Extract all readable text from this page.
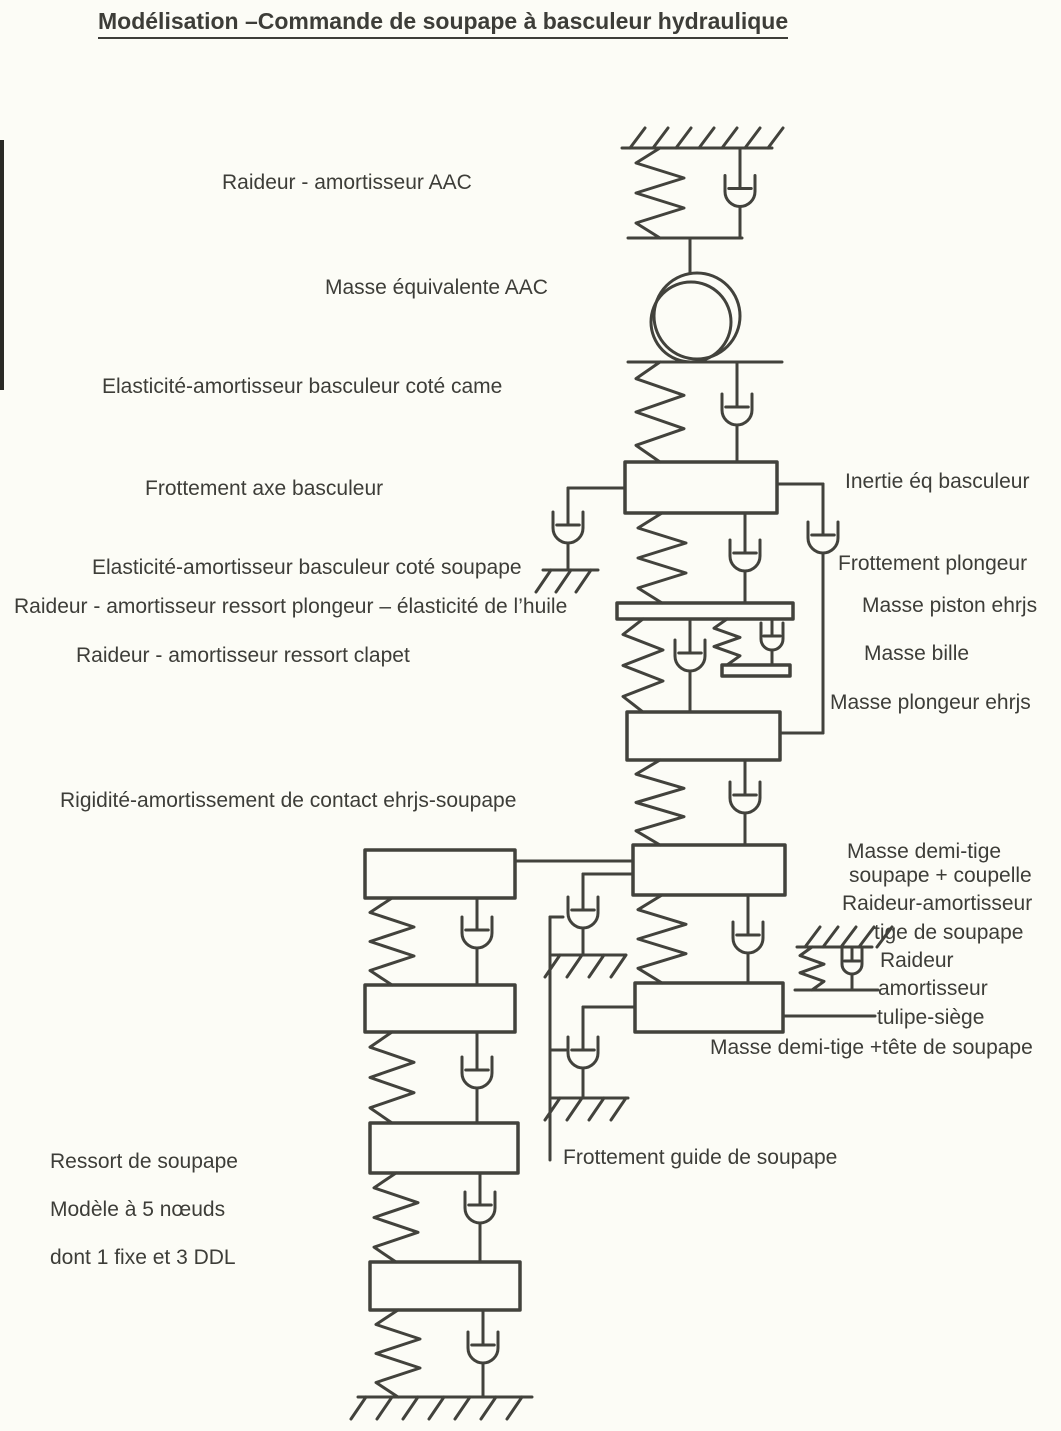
Modélisation –Commande de soupape à basculeur hydraulique
Raideur - amortisseur AAC
Masse équivalente AAC
Elasticité-amortisseur basculeur coté came
Frottement axe basculeur
Elasticité-amortisseur basculeur coté soupape
Raideur - amortisseur ressort plongeur – élasticité de l’huile
Raideur - amortisseur ressort clapet
Rigidité-amortissement de contact ehrjs-soupape
Ressort de soupape
Modèle à 5 nœuds
dont 1 fixe et 3 DDL
Inertie éq basculeur
Frottement plongeur
Masse piston ehrjs
Masse bille
Masse plongeur ehrjs
Masse demi-tige
soupape + coupelle
Raideur-amortisseur
tige de soupape
Raideur
amortisseur
tulipe-siège
Masse demi-tige +tête de soupape
Frottement guide de soupape
